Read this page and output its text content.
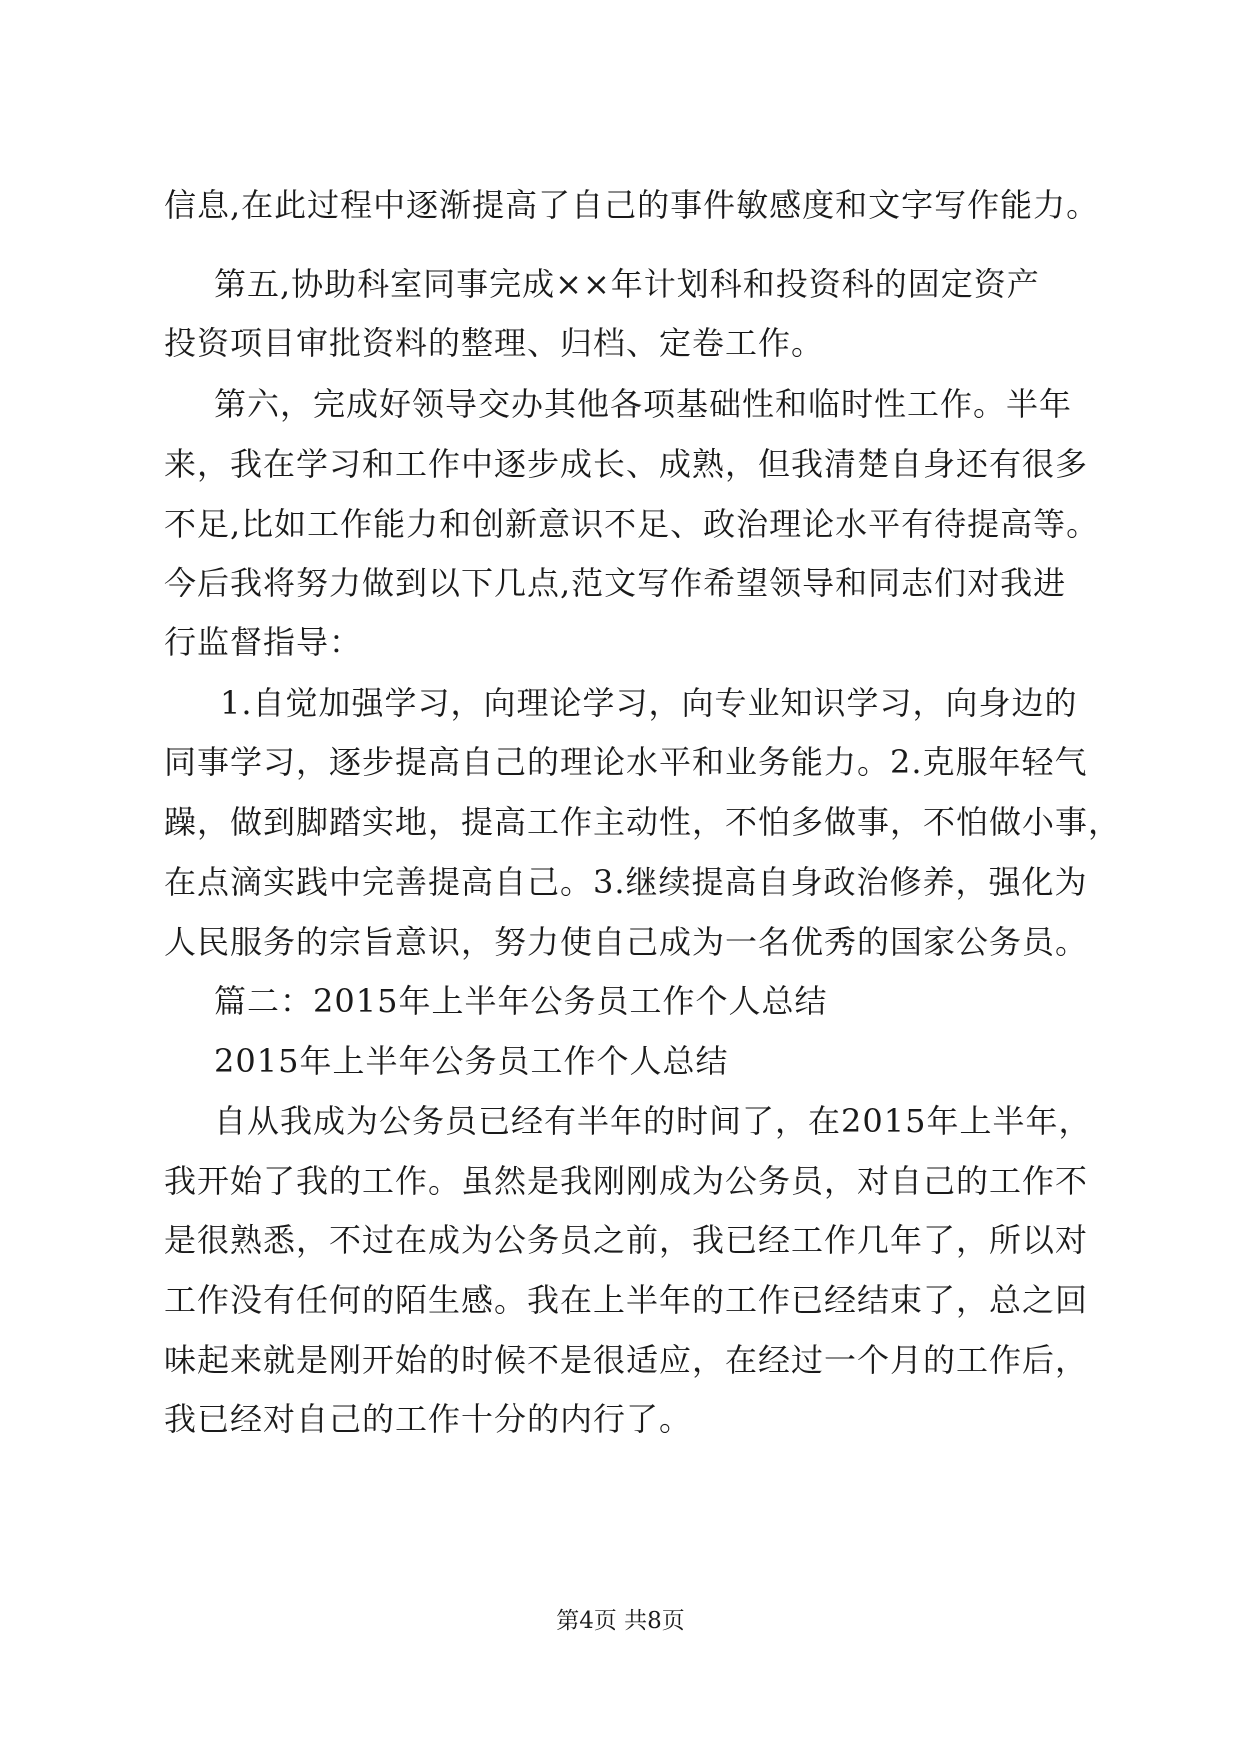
信息,在此过程中逐渐提高了自己的事件敏感度和文字写作能力。
第五,协助科室同事完成××年计划科和投资科的固定资产
投资项目审批资料的整理、归档、定卷工作。
第六，完成好领导交办其他各项基础性和临时性工作。半年
来，我在学习和工作中逐步成长、成熟，但我清楚自身还有很多
不足,比如工作能力和创新意识不足、政治理论水平有待提高等。
今后我将努力做到以下几点,范文写作希望领导和同志们对我进
行监督指导：
1.自觉加强学习，向理论学习，向专业知识学习，向身边的
同事学习，逐步提高自己的理论水平和业务能力。2.克服年轻气
躁，做到脚踏实地，提高工作主动性，不怕多做事，不怕做小事，
在点滴实践中完善提高自己。3.继续提高自身政治修养，强化为
人民服务的宗旨意识，努力使自己成为一名优秀的国家公务员。
篇二：2015年上半年公务员工作个人总结
2015年上半年公务员工作个人总结
自从我成为公务员已经有半年的时间了，在2015年上半年，
我开始了我的工作。虽然是我刚刚成为公务员，对自己的工作不
是很熟悉，不过在成为公务员之前，我已经工作几年了，所以对
工作没有任何的陌生感。我在上半年的工作已经结束了，总之回
味起来就是刚开始的时候不是很适应，在经过一个月的工作后，
我已经对自己的工作十分的内行了。
第4页 共8页
